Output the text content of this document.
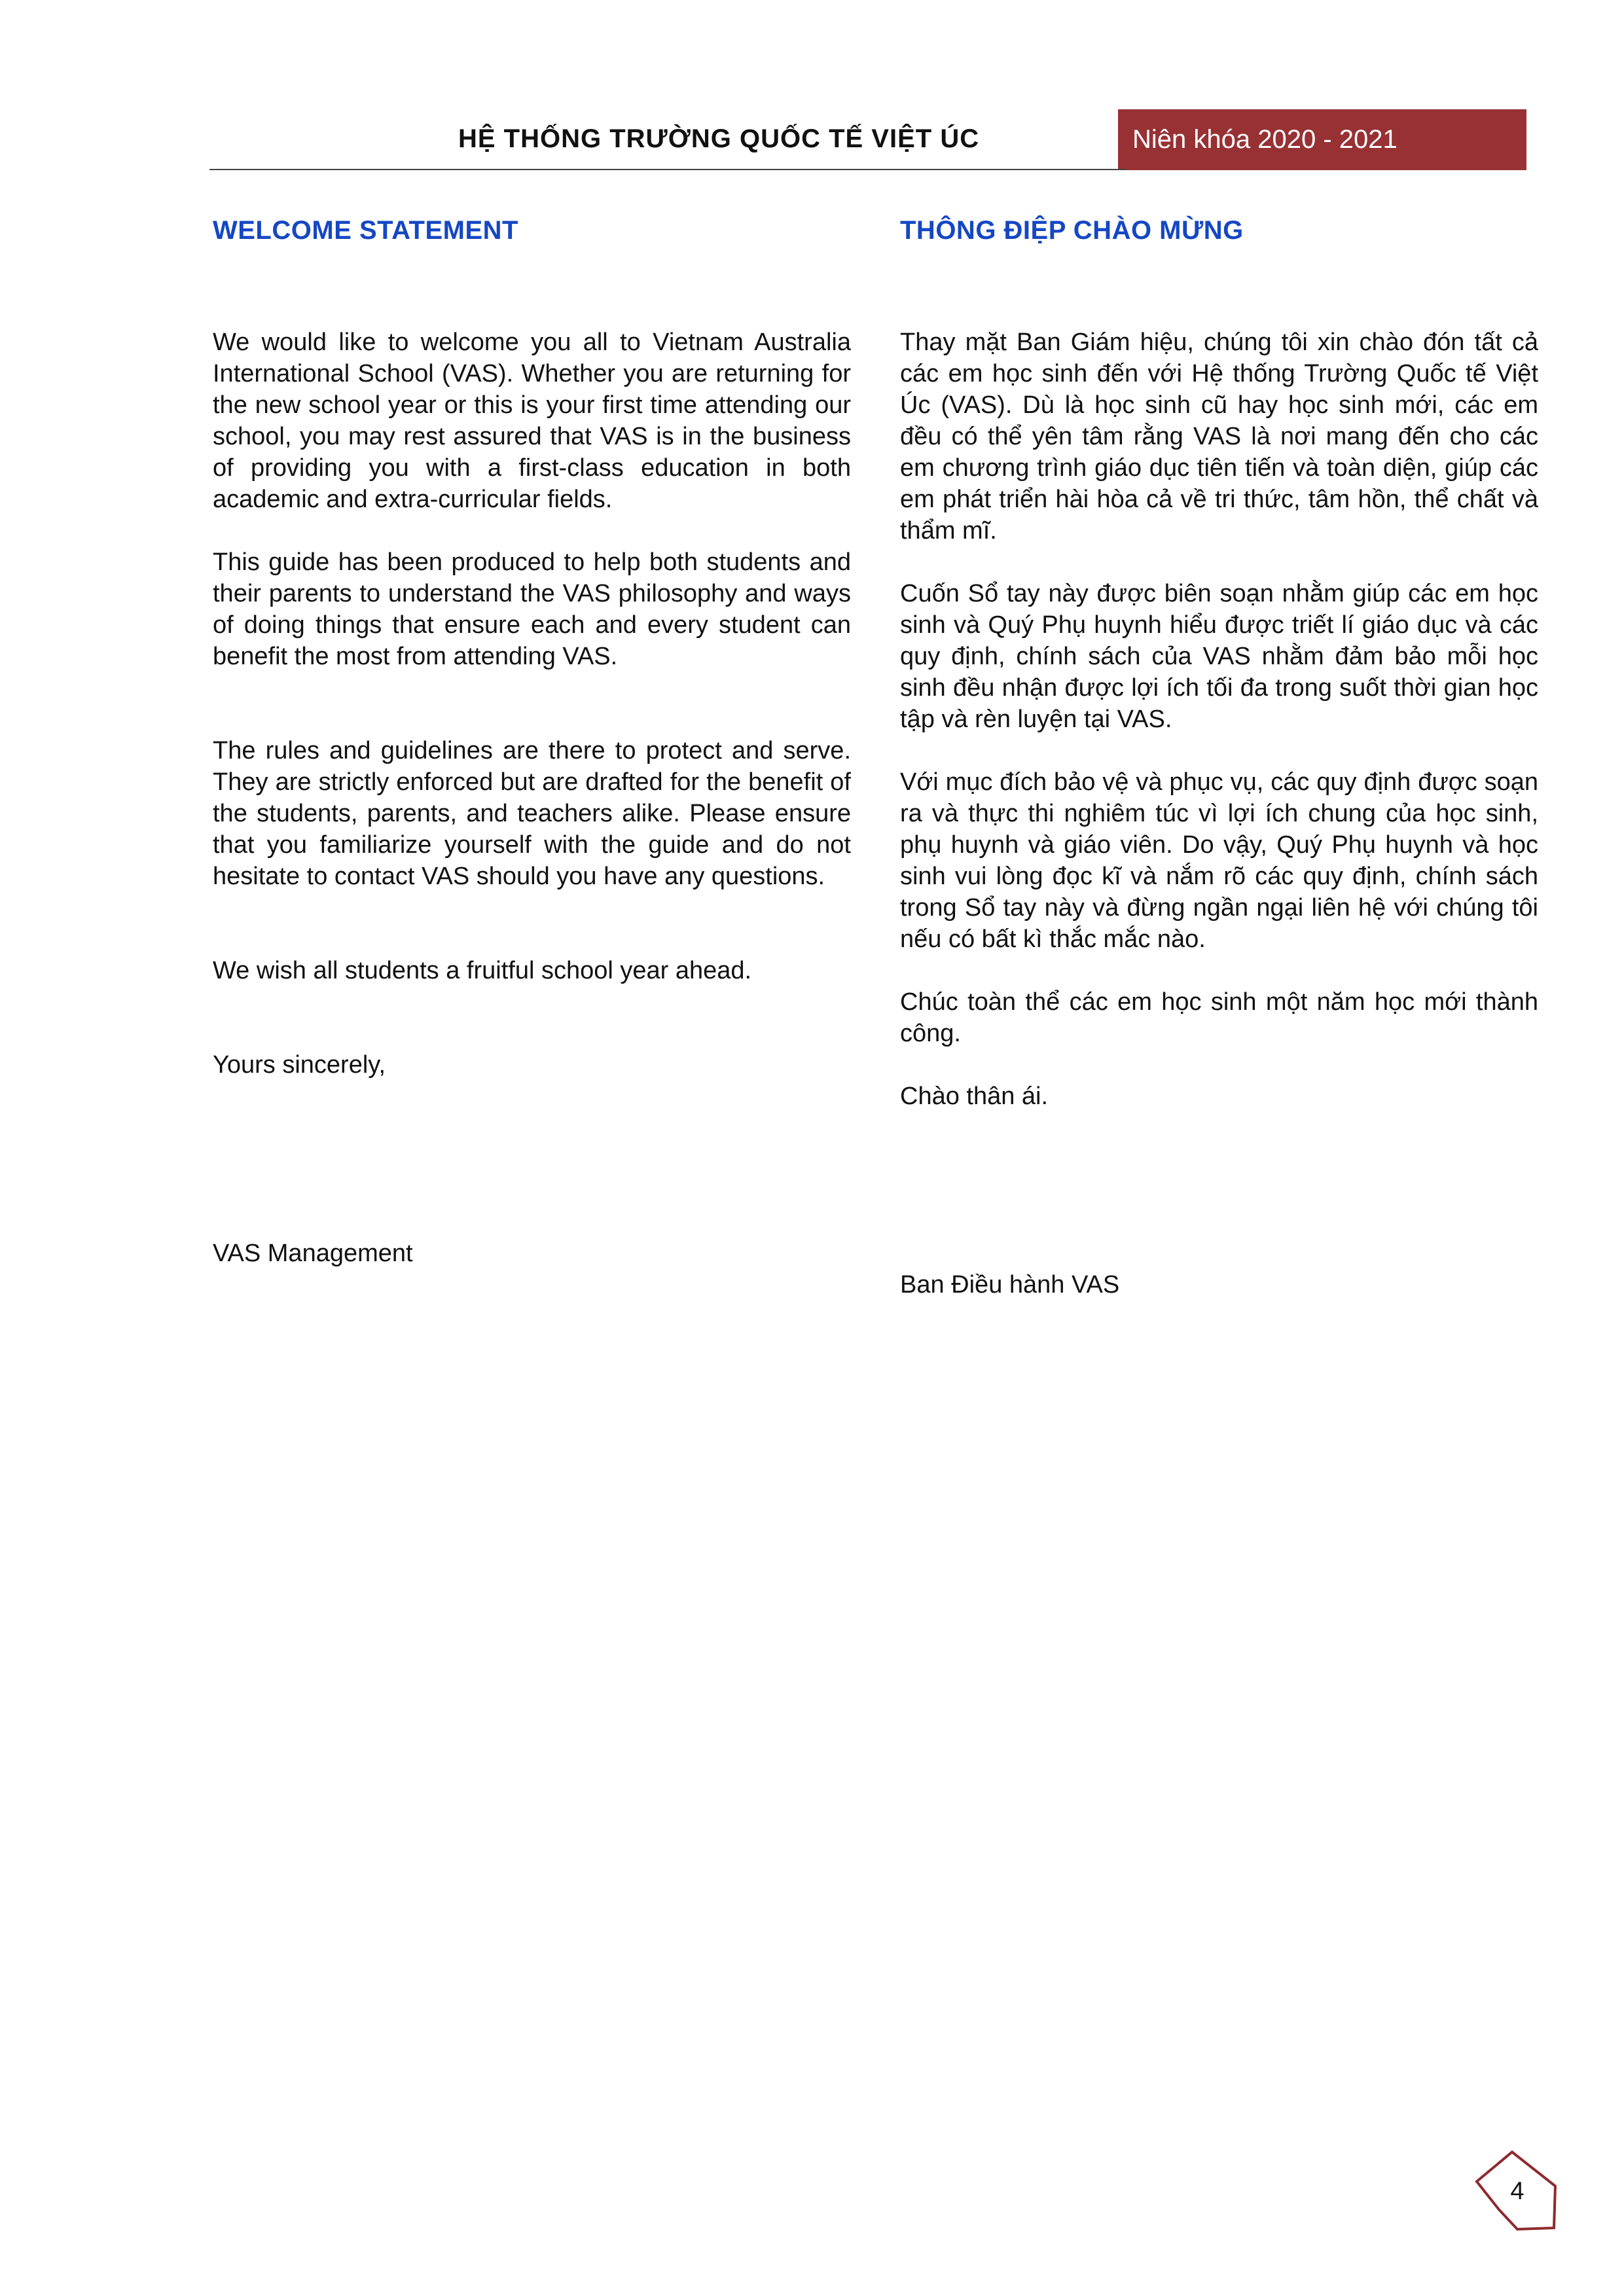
HỆ THỐNG TRƯỜNG QUỐC TẾ VIỆT ÚC	Niên khóa 2020 - 2021
WELCOME STATEMENT

We would like to welcome you all to Vietnam Australia International School (VAS). Whether you are returning for the new school year or this is your first time attending our school, you may rest assured that VAS is in the business of providing you with a first-class education in both academic and extra-curricular fields.

This guide has been produced to help both students and their parents to understand the VAS philosophy and ways of doing things that ensure each and every student can benefit the most from attending VAS.

The rules and guidelines are there to protect and serve. They are strictly enforced but are drafted for the benefit of the students, parents, and teachers alike. Please ensure that you familiarize yourself with the guide and do not hesitate to contact VAS should you have any questions.

We wish all students a fruitful school year ahead.

Yours sincerely,

VAS Management

THÔNG ĐIỆP CHÀO MỪNG

Thay mặt Ban Giám hiệu, chúng tôi xin chào đón tất cả các em học sinh đến với Hệ thống Trường Quốc tế Việt Úc (VAS). Dù là học sinh cũ hay học sinh mới, các em đều có thể yên tâm rằng VAS là nơi mang đến cho các em chương trình giáo dục tiên tiến và toàn diện, giúp các em phát triển hài hòa cả về tri thức, tâm hồn, thể chất và thẩm mĩ.

Cuốn Sổ tay này được biên soạn nhằm giúp các em học sinh và Quý Phụ huynh hiểu được triết lí giáo dục và các quy định, chính sách của VAS nhằm đảm bảo mỗi học sinh đều nhận được lợi ích tối đa trong suốt thời gian học tập và rèn luyện tại VAS.

Với mục đích bảo vệ và phục vụ, các quy định được soạn ra và thực thi nghiêm túc vì lợi ích chung của học sinh, phụ huynh và giáo viên. Do vậy, Quý Phụ huynh và học sinh vui lòng đọc kĩ và nắm rõ các quy định, chính sách trong Sổ tay này và đừng ngần ngại liên hệ với chúng tôi nếu có bất kì thắc mắc nào.

Chúc toàn thể các em học sinh một năm học mới thành công.

Chào thân ái.

Ban Điều hành VAS

4
